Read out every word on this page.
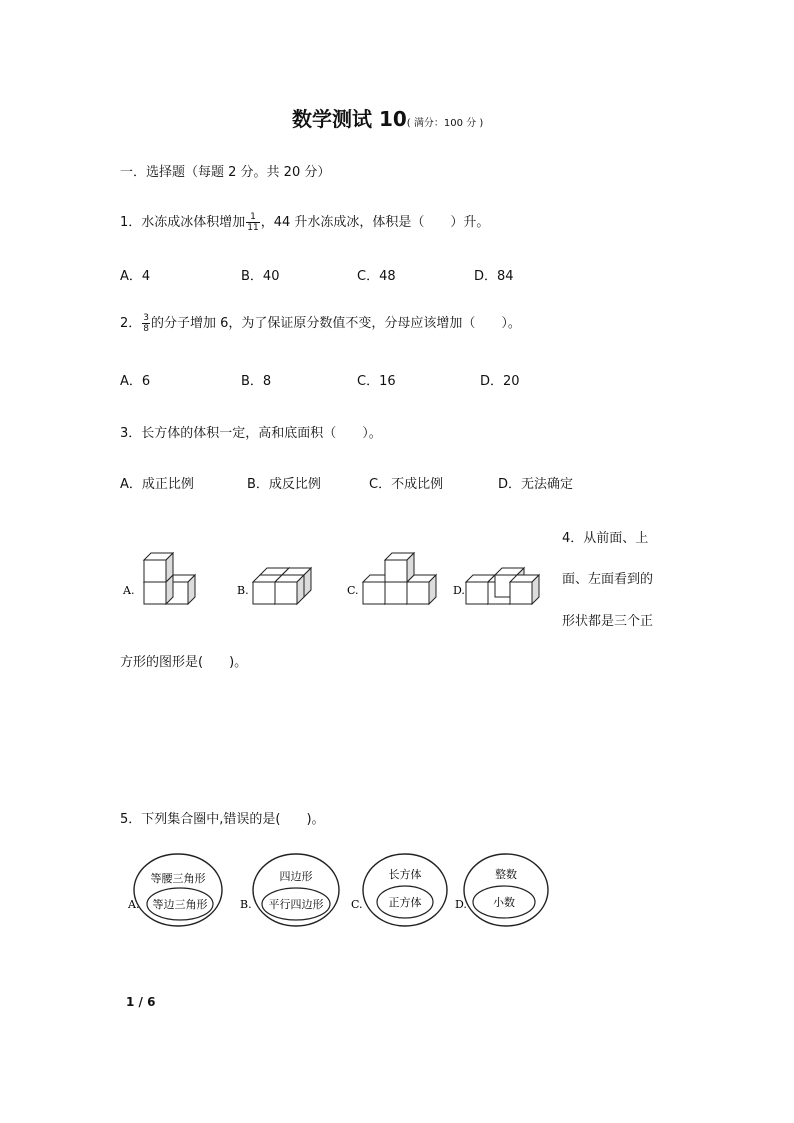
数学测试 10( 满分：100 分 )
一．选择题（每题 2 分。共 20 分）
1．水冻成冰体积增加 $\frac{1}{11}$ ，44 升水冻成冰，体积是（　　）升。
A．4	B．40	C．48	D．84
2． $\frac{3}{8}$ 的分子增加 6，为了保证原分数值不变，分母应该增加（　　）。
A．6	B．8	C．16	D．20
3．长方体的体积一定，高和底面积（　　）。
A．成正比例	B．成反比例	C．不成比例	D．无法确定
A.	B.	C.	D.
4．从前面、上
面、左面看到的
形状都是三个正
方形的图形是(　　)。
5．下列集合圈中,错误的是(　　)。
A.
等腰三角形
等边三角形	B.
四边形
平行四边形	C.
长方体
正方体	D.
整数
小数
1 / 6
